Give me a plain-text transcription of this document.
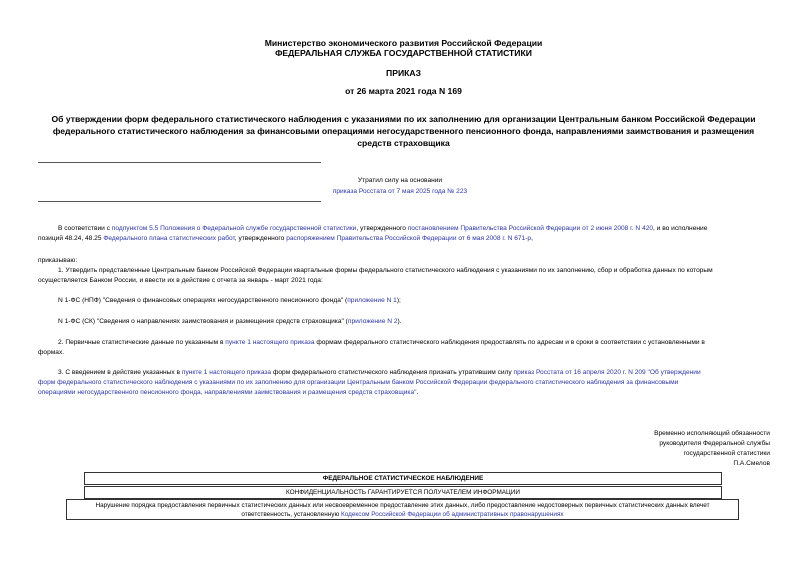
Министерство экономического развития Российской Федерации
ФЕДЕРАЛЬНАЯ СЛУЖБА ГОСУДАРСТВЕННОЙ СТАТИСТИКИ
ПРИКАЗ
от 26 марта 2021 года N 169
Об утверждении форм федерального статистического наблюдения с указаниями по их заполнению для организации Центральным банком Российской Федерации
федерального статистического наблюдения за финансовыми операциями негосударственного пенсионного фонда, направлениями заимствования и размещения
средств страховщика
Утратил силу на основании
приказа Росстата от 7 мая 2025 года № 223
В соответствии с подпунктом 5.5 Положения о Федеральной службе государственной статистики, утвержденного постановлением Правительства Российской Федерации от 2 июня 2008 г. N 420, и во исполнение
позиций 48.24, 48.25 Федерального плана статистических работ, утвержденного распоряжением Правительства Российской Федерации от 6 мая 2008 г. N 671-р,
приказываю:
1. Утвердить представленные Центральным банком Российской Федерации квартальные формы федерального статистического наблюдения с указаниями по их заполнению, сбор и обработка данных по которым
осуществляется Банком России, и ввести их в действие с отчета за январь - март 2021 года:
N 1-ФС (НПФ) "Сведения о финансовых операциях негосударственного пенсионного фонда" (приложение N 1);
N 1-ФС (СК) "Сведения о направлениях заимствования и размещения средств страховщика" (приложение N 2).
2. Первичные статистические данные по указанным в пункте 1 настоящего приказа формам федерального статистического наблюдения предоставлять по адресам и в сроки в соответствии с установленными в
формах.
3. С введением в действие указанных в пункте 1 настоящего приказа форм федерального статистического наблюдения признать утратившим силу приказ Росстата от 16 апреля 2020 г. N 209 "Об утверждении
форм федерального статистического наблюдения с указаниями по их заполнению для организации Центральным банком Российской Федерации федерального статистического наблюдения за финансовыми
операциями негосударственного пенсионного фонда, направлениями заимствования и размещения средств страховщика".
Временно исполняющий обязанности
руководителя Федеральной службы
государственной статистики
П.А.Смелов
ФЕДЕРАЛЬНОЕ СТАТИСТИЧЕСКОЕ НАБЛЮДЕНИЕ
КОНФИДЕНЦИАЛЬНОСТЬ ГАРАНТИРУЕТСЯ ПОЛУЧАТЕЛЕМ ИНФОРМАЦИИ
Нарушение порядка предоставления первичных статистических данных или несвоевременное предоставление этих данных, либо предоставление недостоверных первичных статистических данных влечет
ответственность, установленную Кодексом Российской Федерации об административных правонарушениях
